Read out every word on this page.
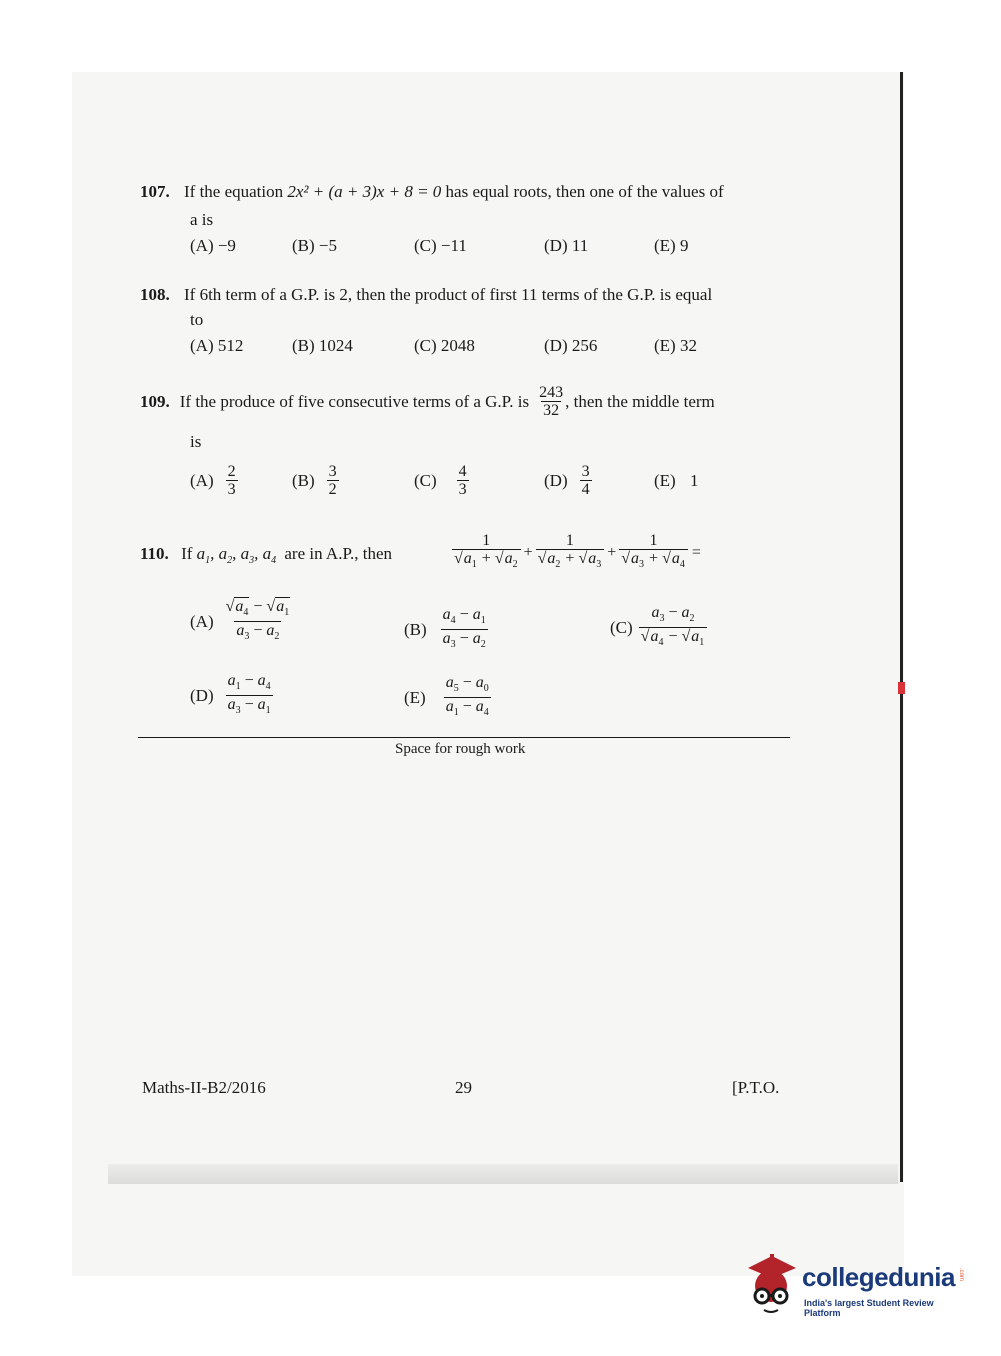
107. If the equation 2x² + (a + 3)x + 8 = 0 has equal roots, then one of the values of
a is
(A) −9	(B) −5	(C) −11	(D) 11	(E) 9
108. If 6th term of a G.P. is 2, then the product of first 11 terms of the G.P. is equal
to
(A) 512	(B) 1024	(C) 2048	(D) 256	(E) 32
109. If the produce of five consecutive terms of a G.P. is $\frac{243}{32}$ , then the middle term
is
$(A) \frac{2}{3}$	$(B) \frac{3}{2}$	$(C) \frac{4}{3}$	$(D) \frac{3}{4}$	(E) 1
110. If $a_1$, $a_2$, $a_3$, $a_4$ are in A.P., then	$\frac{1}{√a_1 + √a_2} + \frac{1}{√a_2 + √a_3} + \frac{1}{√a_3 + √a_4}$ =
$(A) \frac{√a_4 - √a_1}{a_3 - a_2}$	$(B) \frac{a_4 - a_1}{a_3 - a_2}$	$(C) \frac{a_3 - a_2}{√a_4 - √a_1}$
$(D) \frac{a_1 - a_4}{a_3 - a_1}$	$(E) \frac{a_5 - a_0}{a_1 - a_4}$
Space for rough work
Maths-II-B2/2016	29	[P.T.O.
collegedunia .com
India's largest Student Review Platform
